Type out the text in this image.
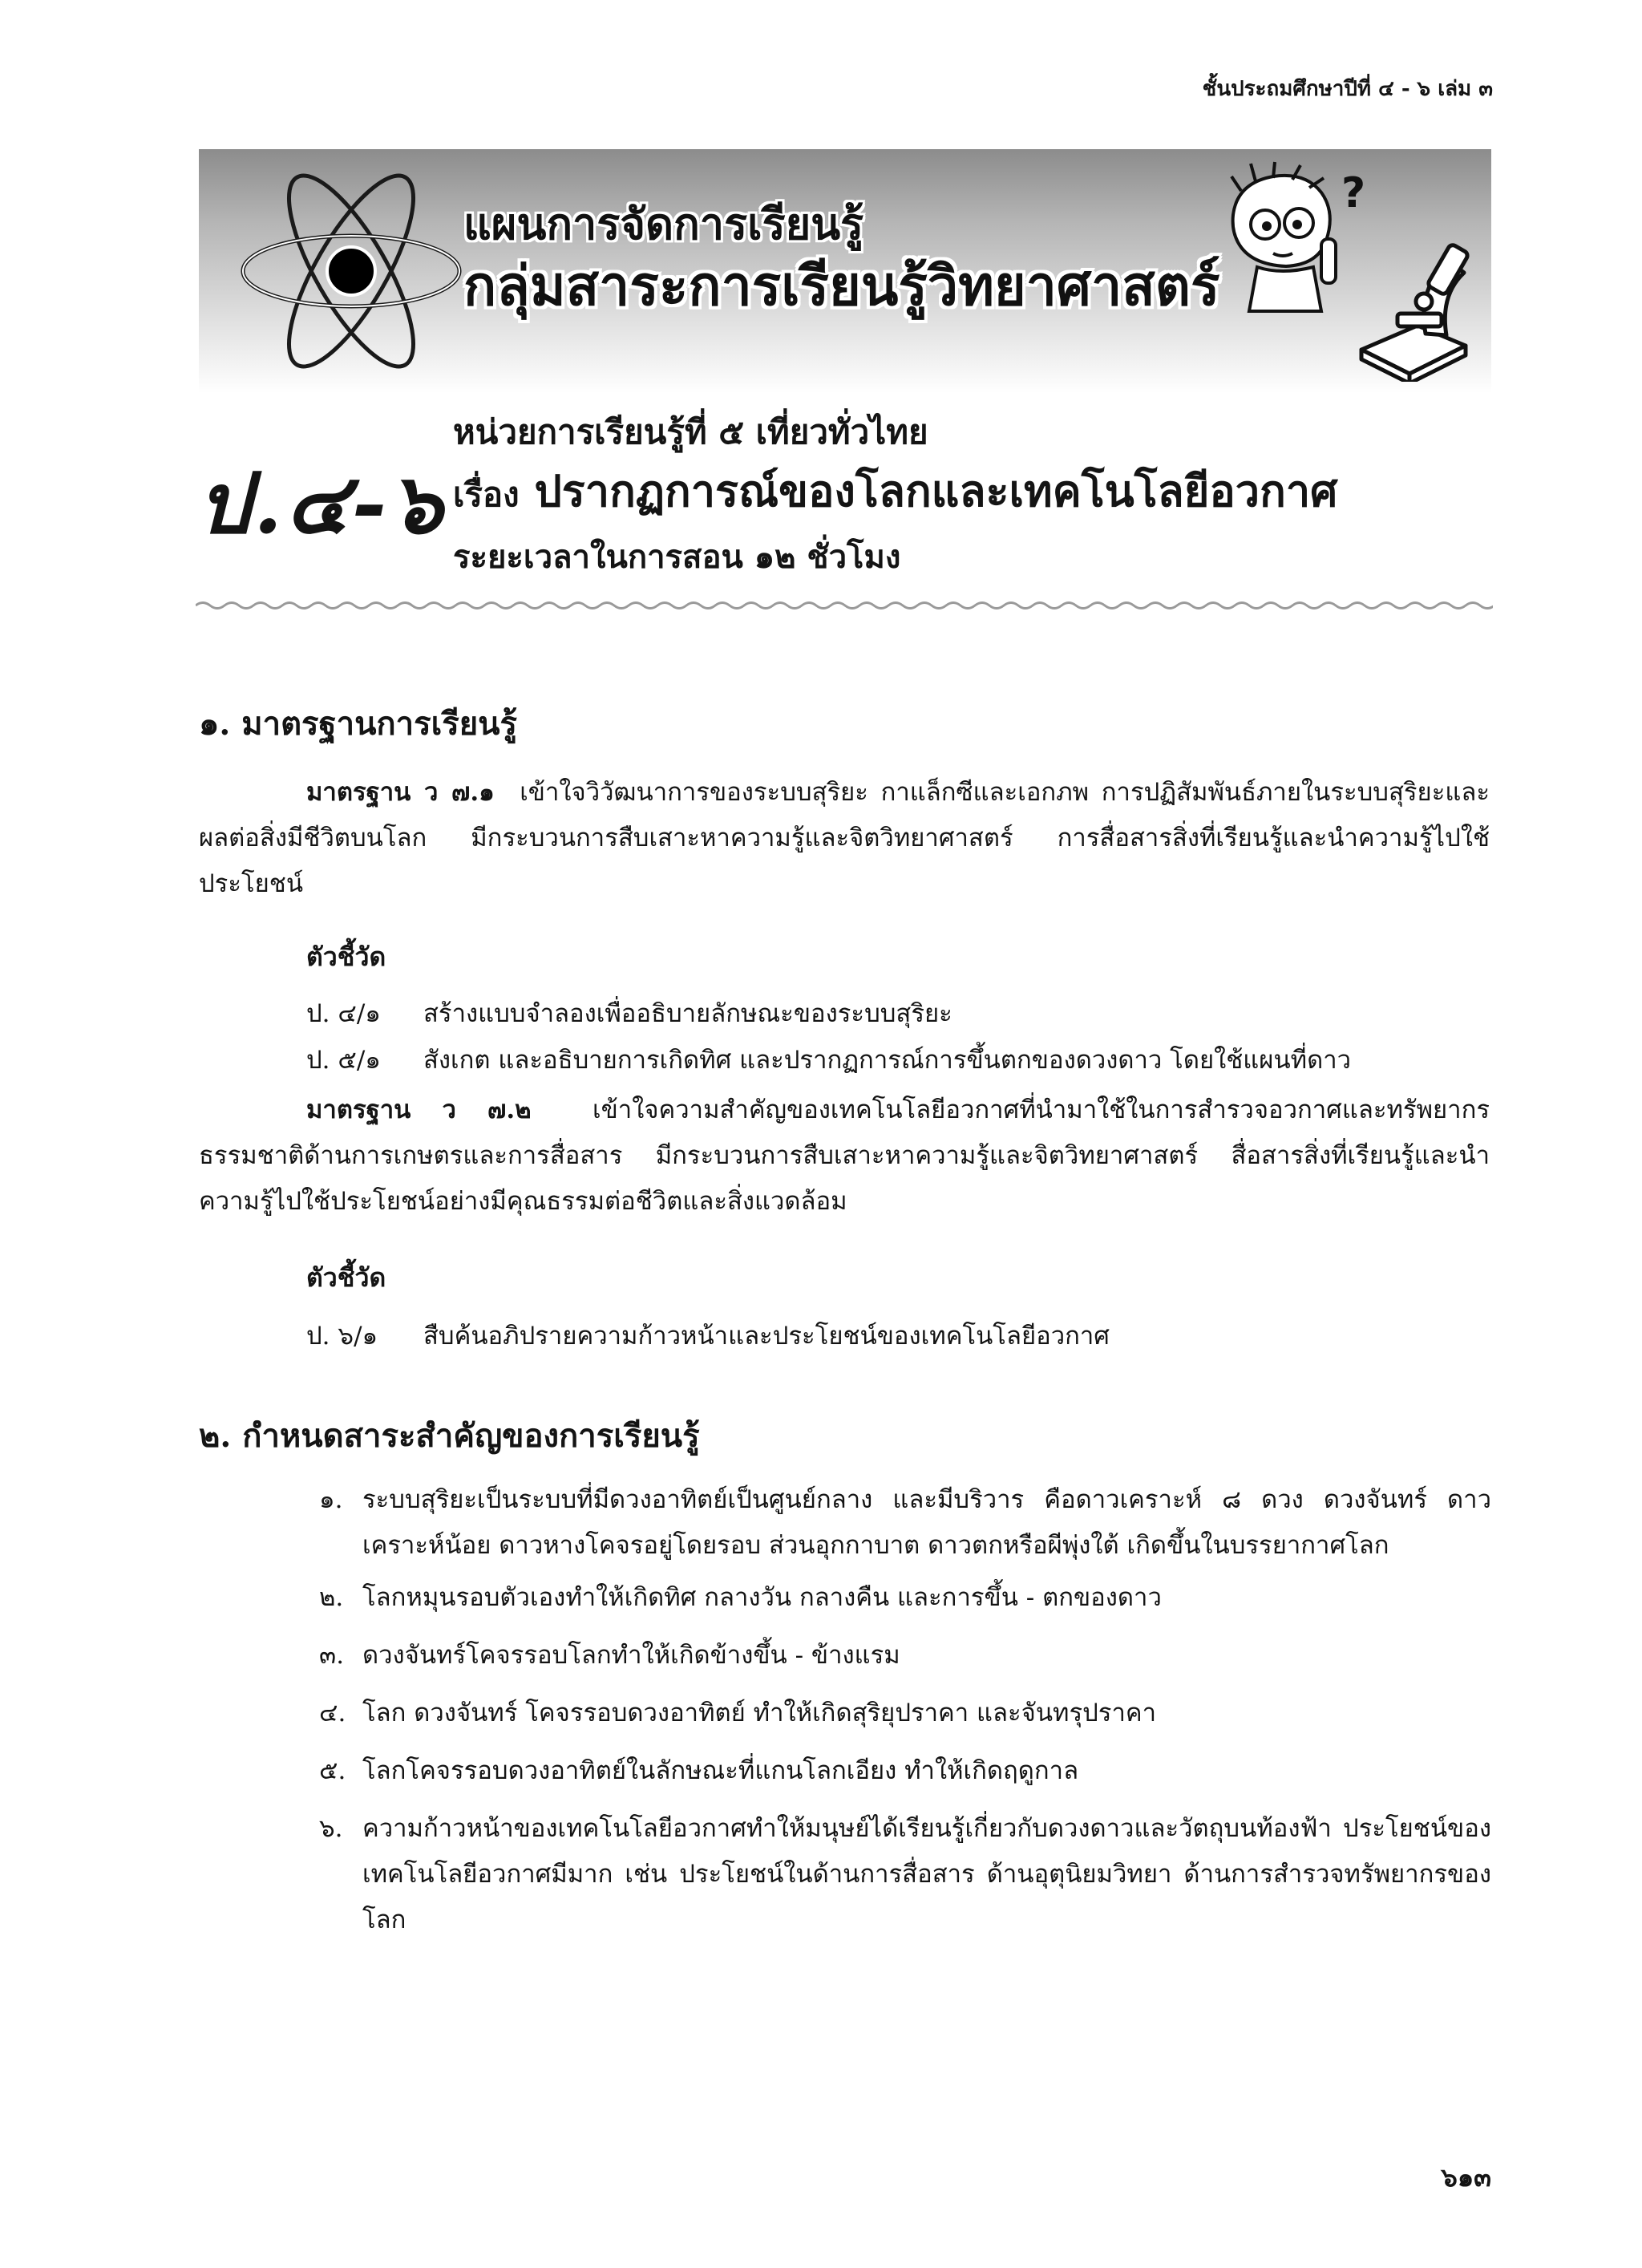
ชั้นประถมศึกษาปีที่ ๔ - ๖ เล่ม ๓
แผนการจัดการเรียนรู้
กลุ่มสาระการเรียนรู้วิทยาศาสตร์
?
ป.๔-๖
หน่วยการเรียนรู้ที่ ๕ เที่ยวทั่วไทย
เรื่อง ปรากฏการณ์ของโลกและเทคโนโลยีอวกาศ
ระยะเวลาในการสอน ๑๒ ชั่วโมง
๑. มาตรฐานการเรียนรู้
มาตรฐาน ว ๗.๑ เข้าใจวิวัฒนาการของระบบสุริยะ กาแล็กซีและเอกภพ การปฏิสัมพันธ์ภายในระบบสุริยะและผลต่อสิ่งมีชีวิตบนโลก มีกระบวนการสืบเสาะหาความรู้และจิตวิทยาศาสตร์ การสื่อสารสิ่งที่เรียนรู้และนำความรู้ไปใช้ประโยชน์
ตัวชี้วัด
ป. ๔/๑ สร้างแบบจำลองเพื่ออธิบายลักษณะของระบบสุริยะ
ป. ๕/๑ สังเกต และอธิบายการเกิดทิศ และปรากฏการณ์การขึ้นตกของดวงดาว โดยใช้แผนที่ดาว
มาตรฐาน ว ๗.๒ เข้าใจความสำคัญของเทคโนโลยีอวกาศที่นำมาใช้ในการสำรวจอวกาศและทรัพยากร ธรรมชาติด้านการเกษตรและการสื่อสาร มีกระบวนการสืบเสาะหาความรู้และจิตวิทยาศาสตร์ สื่อสารสิ่งที่เรียนรู้และนำความรู้ไปใช้ประโยชน์อย่างมีคุณธรรมต่อชีวิตและสิ่งแวดล้อม
ตัวชี้วัด
ป. ๖/๑ สืบค้นอภิปรายความก้าวหน้าและประโยชน์ของเทคโนโลยีอวกาศ
๒. กำหนดสาระสำคัญของการเรียนรู้
๑. ระบบสุริยะเป็นระบบที่มีดวงอาทิตย์เป็นศูนย์กลาง และมีบริวาร คือดาวเคราะห์ ๘ ดวง ดวงจันทร์ ดาวเคราะห์น้อย ดาวหางโคจรอยู่โดยรอบ ส่วนอุกกาบาต ดาวตกหรือผีพุ่งใต้ เกิดขึ้นในบรรยากาศโลก
๒. โลกหมุนรอบตัวเองทำให้เกิดทิศ กลางวัน กลางคืน และการขึ้น - ตกของดาว
๓. ดวงจันทร์โคจรรอบโลกทำให้เกิดข้างขึ้น - ข้างแรม
๔. โลก ดวงจันทร์ โคจรรอบดวงอาทิตย์ ทำให้เกิดสุริยุปราคา และจันทรุปราคา
๕. โลกโคจรรอบดวงอาทิตย์ในลักษณะที่แกนโลกเอียง ทำให้เกิดฤดูกาล
๖. ความก้าวหน้าของเทคโนโลยีอวกาศทำให้มนุษย์ได้เรียนรู้เกี่ยวกับดวงดาวและวัตถุบนท้องฟ้า ประโยชน์ของเทคโนโลยีอวกาศมีมาก เช่น ประโยชน์ในด้านการสื่อสาร ด้านอุตุนิยมวิทยา ด้านการสำรวจทรัพยากรของโลก
๖๑๓
